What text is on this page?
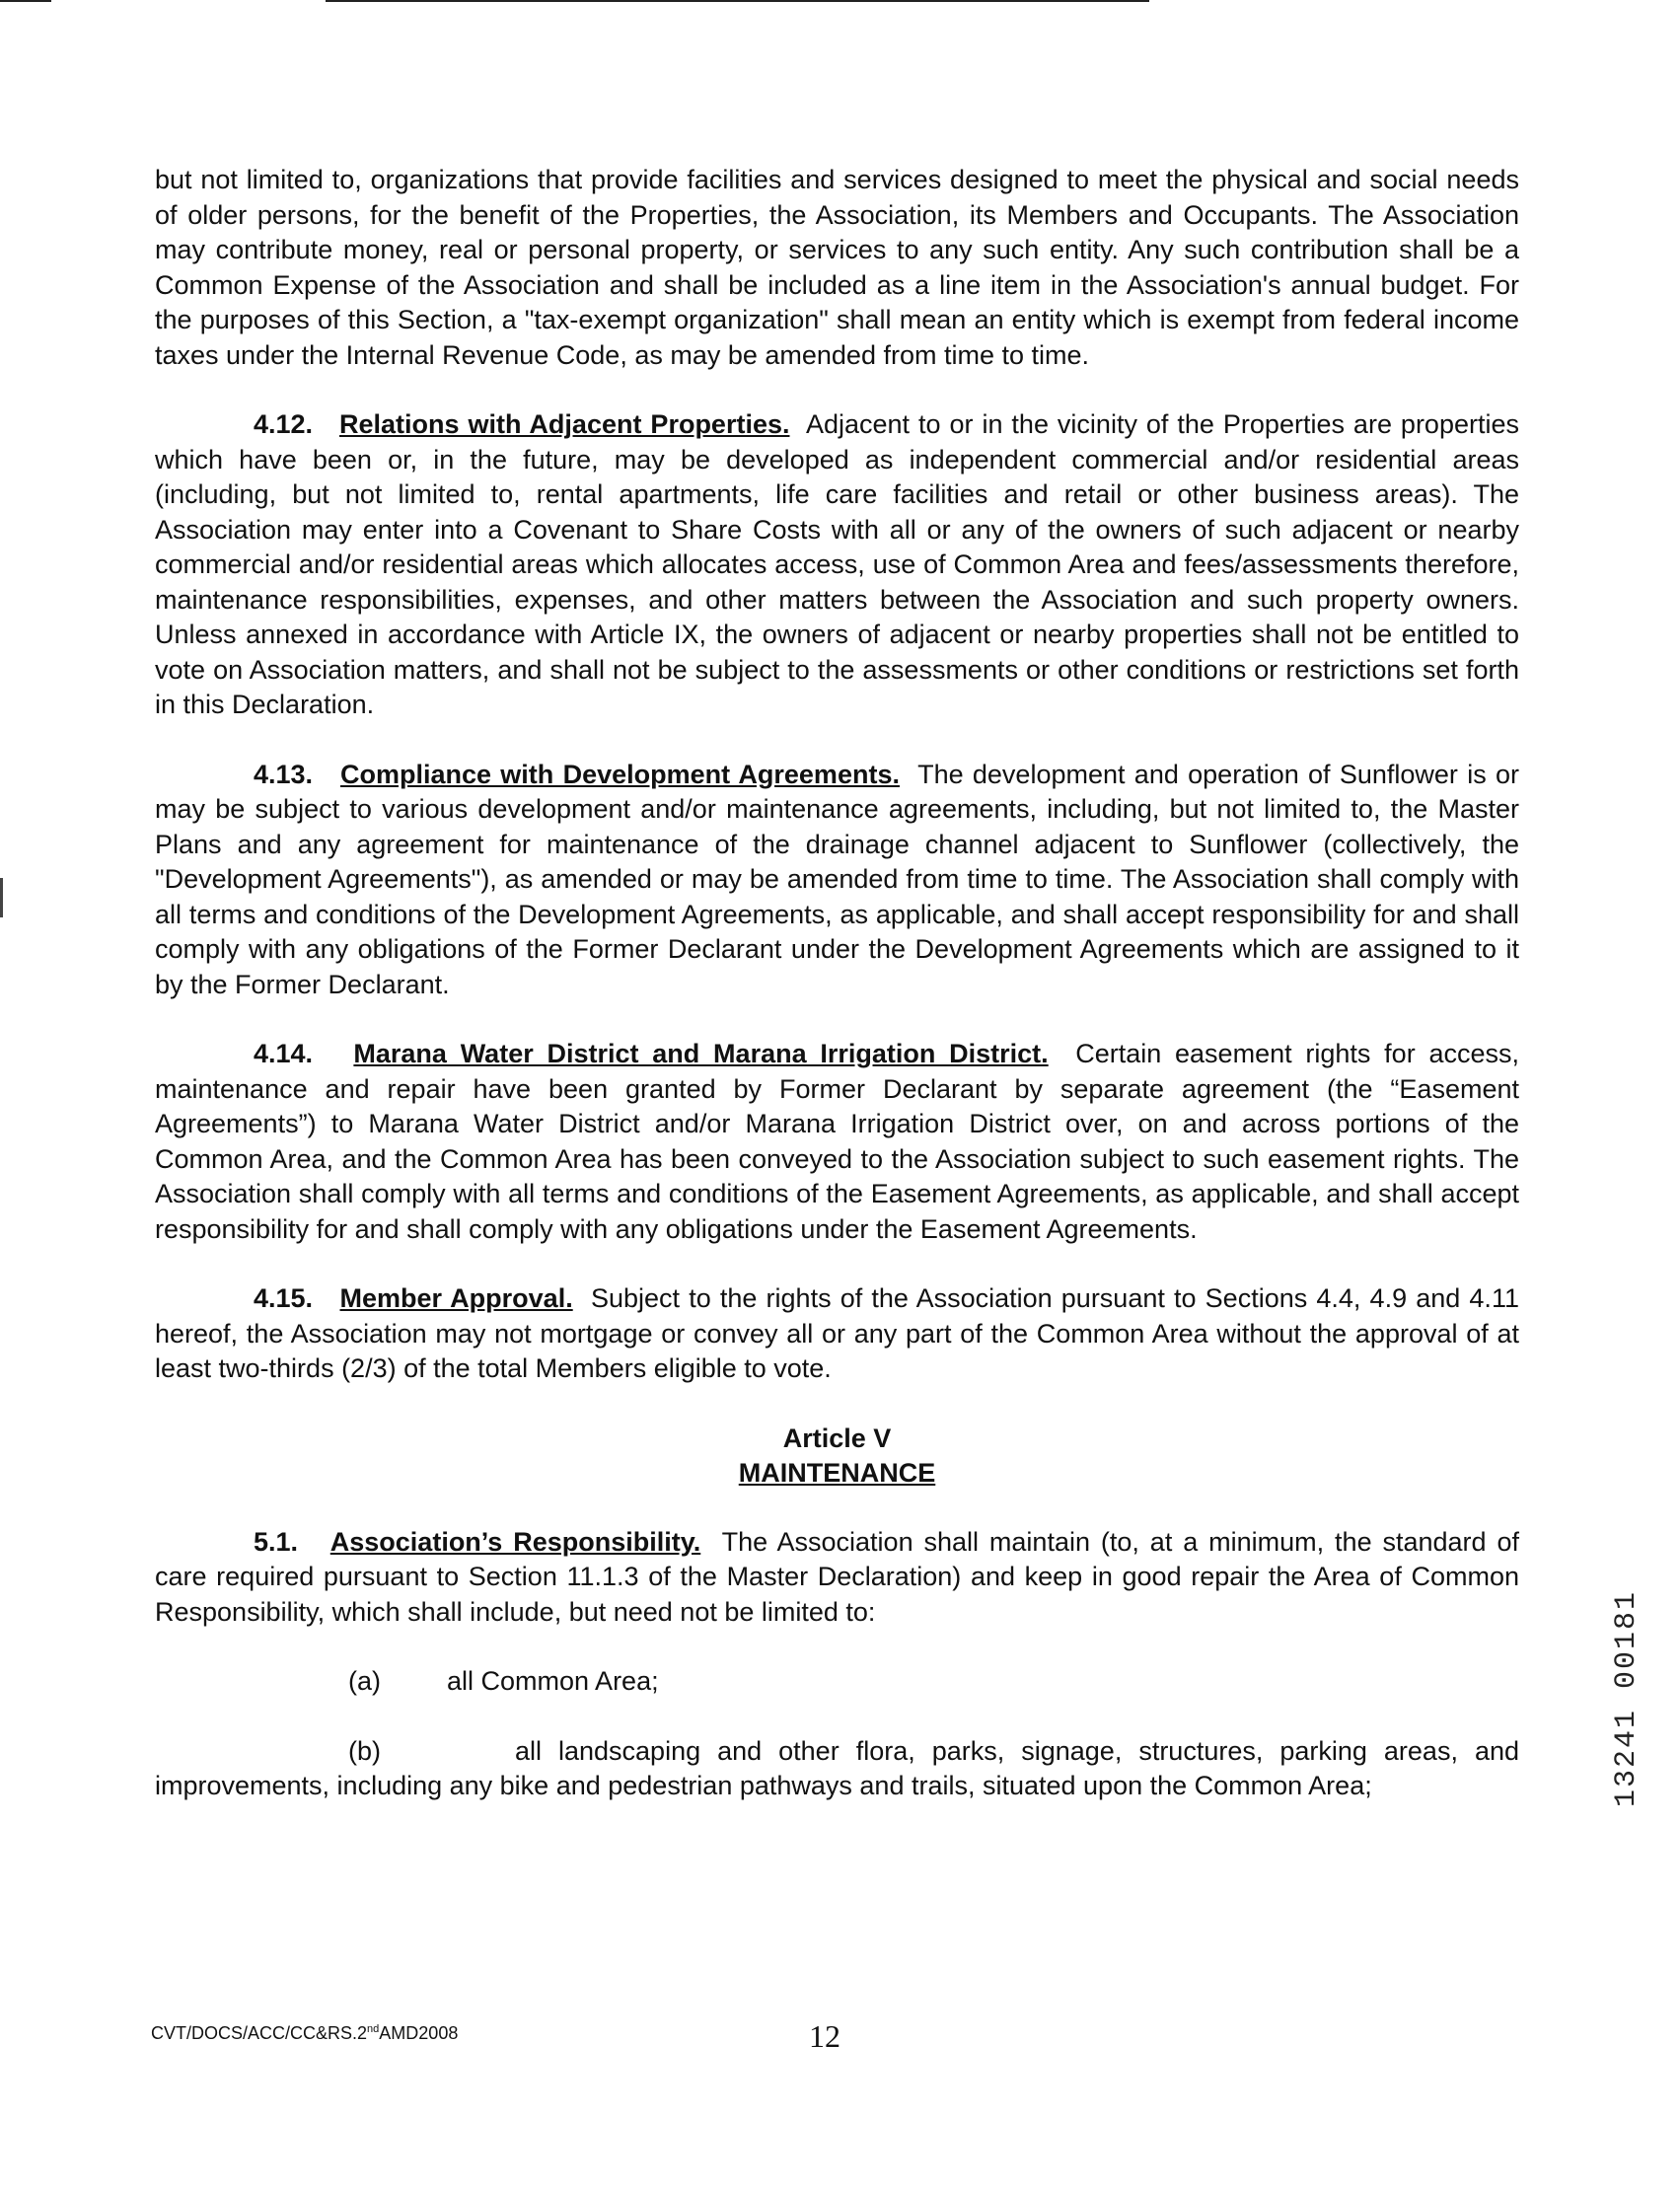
but not limited to, organizations that provide facilities and services designed to meet the physical and social needs of older persons, for the benefit of the Properties, the Association, its Members and Occupants. The Association may contribute money, real or personal property, or services to any such entity. Any such contribution shall be a Common Expense of the Association and shall be included as a line item in the Association's annual budget. For the purposes of this Section, a "tax-exempt organization" shall mean an entity which is exempt from federal income taxes under the Internal Revenue Code, as may be amended from time to time.

4.12. Relations with Adjacent Properties. Adjacent to or in the vicinity of the Properties are properties which have been or, in the future, may be developed as independent commercial and/or residential areas (including, but not limited to, rental apartments, life care facilities and retail or other business areas). The Association may enter into a Covenant to Share Costs with all or any of the owners of such adjacent or nearby commercial and/or residential areas which allocates access, use of Common Area and fees/assessments therefore, maintenance responsibilities, expenses, and other matters between the Association and such property owners. Unless annexed in accordance with Article IX, the owners of adjacent or nearby properties shall not be entitled to vote on Association matters, and shall not be subject to the assessments or other conditions or restrictions set forth in this Declaration.

4.13. Compliance with Development Agreements. The development and operation of Sunflower is or may be subject to various development and/or maintenance agreements, including, but not limited to, the Master Plans and any agreement for maintenance of the drainage channel adjacent to Sunflower (collectively, the "Development Agreements"), as amended or may be amended from time to time. The Association shall comply with all terms and conditions of the Development Agreements, as applicable, and shall accept responsibility for and shall comply with any obligations of the Former Declarant under the Development Agreements which are assigned to it by the Former Declarant.

4.14. Marana Water District and Marana Irrigation District. Certain easement rights for access, maintenance and repair have been granted by Former Declarant by separate agreement (the “Easement Agreements”) to Marana Water District and/or Marana Irrigation District over, on and across portions of the Common Area, and the Common Area has been conveyed to the Association subject to such easement rights. The Association shall comply with all terms and conditions of the Easement Agreements, as applicable, and shall accept responsibility for and shall comply with any obligations under the Easement Agreements.

4.15. Member Approval. Subject to the rights of the Association pursuant to Sections 4.4, 4.9 and 4.11 hereof, the Association may not mortgage or convey all or any part of the Common Area without the approval of at least two-thirds (2/3) of the total Members eligible to vote.

Article V
MAINTENANCE

5.1. Association’s Responsibility. The Association shall maintain (to, at a minimum, the standard of care required pursuant to Section 11.1.3 of the Master Declaration) and keep in good repair the Area of Common Responsibility, which shall include, but need not be limited to:

(a) all Common Area;

(b)	all landscaping and other flora, parks, signage, structures, parking areas, and improvements, including any bike and pedestrian pathways and trails, situated upon the Common Area;

CVT/DOCS/ACC/CC&RS.2ndAMD2008	12
13241 00181
